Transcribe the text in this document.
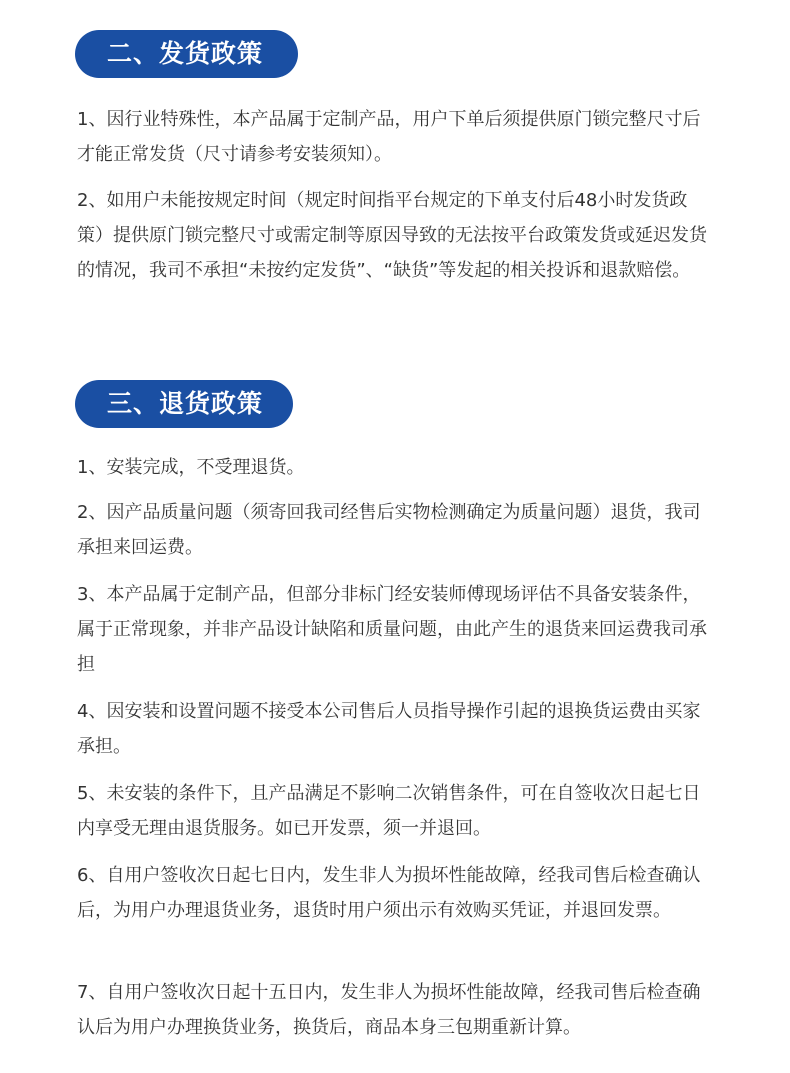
二、发货政策

1、因行业特殊性，本产品属于定制产品，用户下单后须提供原门锁完整尺寸后才能正常发货（尺寸请参考安装须知）。

2、如用户未能按规定时间（规定时间指平台规定的下单支付后48小时发货政策）提供原门锁完整尺寸或需定制等原因导致的无法按平台政策发货或延迟发货的情况，我司不承担“未按约定发货”、“缺货”等发起的相关投诉和退款赔偿。

三、退货政策

1、安装完成，不受理退货。

2、因产品质量问题（须寄回我司经售后实物检测确定为质量问题）退货，我司承担来回运费。

3、本产品属于定制产品，但部分非标门经安装师傅现场评估不具备安装条件，属于正常现象，并非产品设计缺陷和质量问题，由此产生的退货来回运费我司承担

4、因安装和设置问题不接受本公司售后人员指导操作引起的退换货运费由买家承担。

5、未安装的条件下，且产品满足不影响二次销售条件，可在自签收次日起七日内享受无理由退货服务。如已开发票，须一并退回。

6、自用户签收次日起七日内，发生非人为损坏性能故障，经我司售后检查确认后，为用户办理退货业务，退货时用户须出示有效购买凭证，并退回发票。

7、自用户签收次日起十五日内，发生非人为损坏性能故障，经我司售后检查确认后为用户办理换货业务，换货后，商品本身三包期重新计算。
